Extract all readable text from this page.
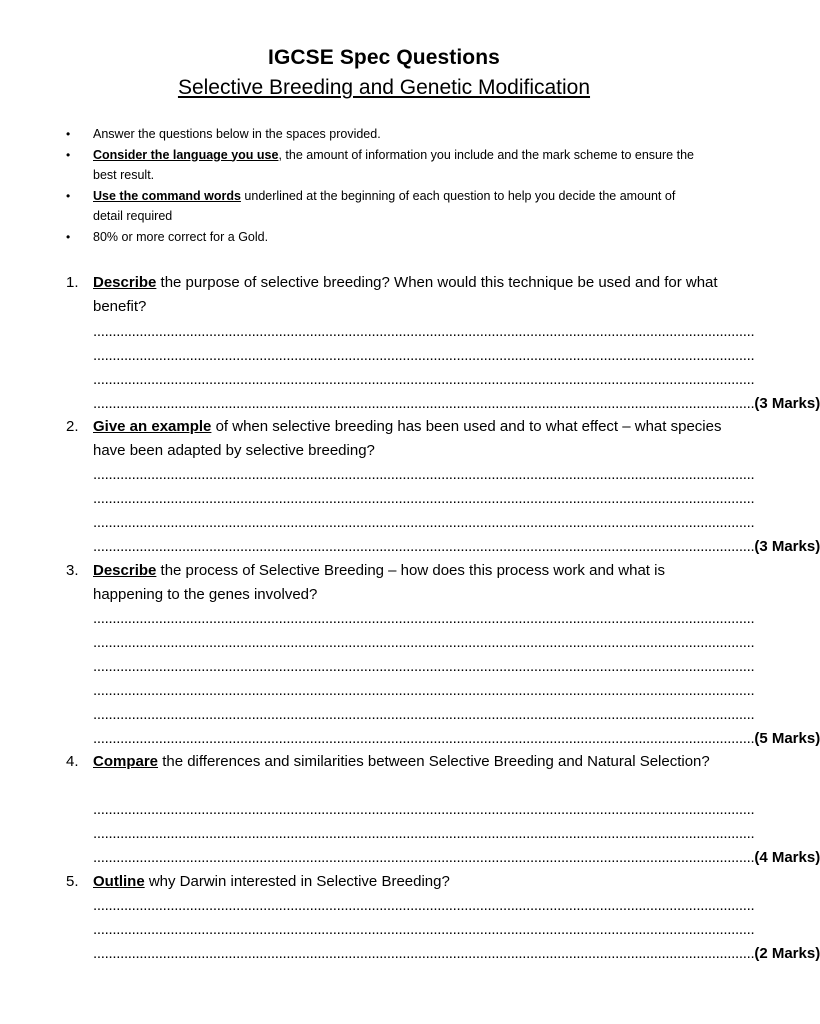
IGCSE Spec Questions
Selective Breeding and Genetic Modification
• Answer the questions below in the spaces provided.
• Consider the language you use, the amount of information you include and the mark scheme to ensure the best result.
• Use the command words underlined at the beginning of each question to help you decide the amount of detail required
• 80% or more correct for a Gold.
1. Describe the purpose of selective breeding? When would this technique be used and for what benefit?
...........................................................................................................................................................................
...........................................................................................................................................................................
...........................................................................................................................................................................
........................................................................................................................................................................... (3 Marks)
2. Give an example of when selective breeding has been used and to what effect – what species have been adapted by selective breeding?
...........................................................................................................................................................................
...........................................................................................................................................................................
...........................................................................................................................................................................
........................................................................................................................................................................... (3 Marks)
3. Describe the process of Selective Breeding – how does this process work and what is happening to the genes involved?
...........................................................................................................................................................................
...........................................................................................................................................................................
...........................................................................................................................................................................
...........................................................................................................................................................................
...........................................................................................................................................................................
........................................................................................................................................................................... (5 Marks)
4. Compare the differences and similarities between Selective Breeding and Natural Selection?
...........................................................................................................................................................................
...........................................................................................................................................................................
........................................................................................................................................................................... (4 Marks)
5. Outline why Darwin interested in Selective Breeding?
...........................................................................................................................................................................
...........................................................................................................................................................................
........................................................................................................................................................................... (2 Marks)
